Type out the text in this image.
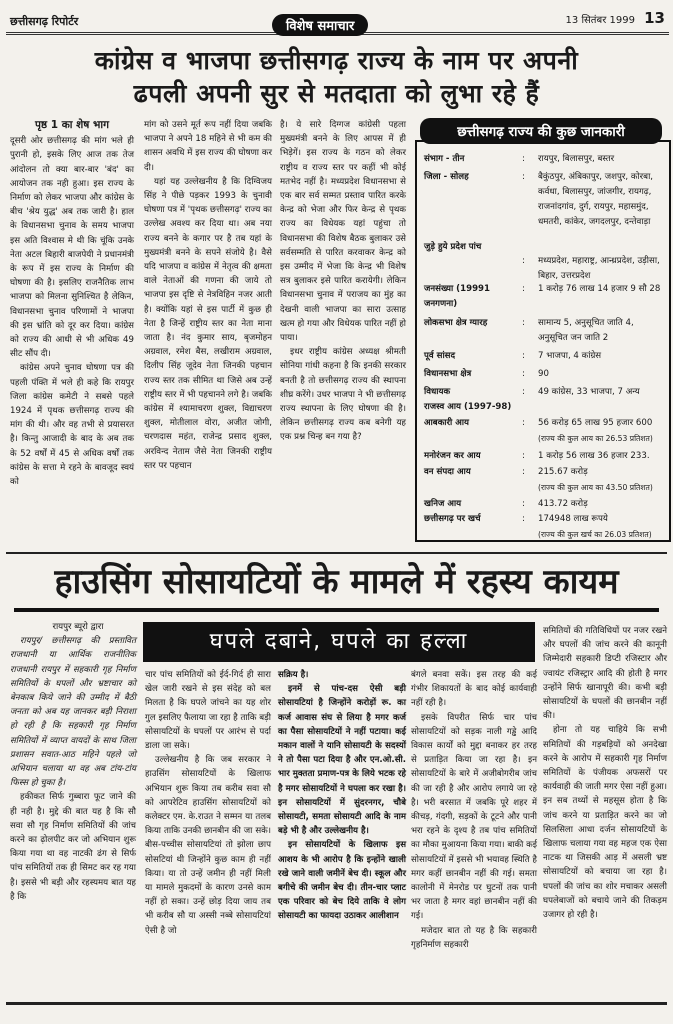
छत्तीसगढ़ रिपोर्टर	13 सितंबर 1999 13
विशेष समाचार
कांग्रेस व भाजपा छत्तीसगढ़ राज्य के नाम पर अपनी
ढपली अपनी सुर से मतदाता को लुभा रहे हैं

पृष्ठ 1 का शेष भाग

दूसरी ओर छत्तीसगढ़ की मांग भले ही पुरानी हो, इसके लिए आज तक तेज आंदोलन तो क्या बार-बार 'बंद' का आयोजन तक नही हुआ। इस राज्य के निर्माण को लेकर भाजपा और कांग्रेस के बीच 'श्रेय युद्ध' अब तक जारी है। हाल के विधानसभा चुनाव के समय भाजपा इस अति विश्वास मे थी कि चूंकि उनके नेता अटल बिहारी बाजपेयी ने प्रधानमंत्री के रूप में इस राज्य के निर्माण की घोषणा की है। इसलिए राजनैतिक लाभ भाजपा को मिलना सुनिश्चित है लेकिन, विधानसभा चुनाव परिणामों ने भाजपा की इस भ्रांति को दूर कर दिया। कांग्रेस को राज्य की आधी से भी अधिक 49 सीट सौंप दी।

कांग्रेस अपने चुनाव घोषणा पत्र की पहली पंक्ति में भले ही कहे कि रायपुर जिला कांग्रेस कमेटी ने सबसे पहले 1924 में पृथक छत्तीसगढ़ राज्य की मांग की थी। और वह तभी से प्रयासरत है। किन्तु आजादी के बाद के अब तक के 52 वर्षों में 45 से अधिक वर्षों तक कांग्रेस के सत्ता मे रहने के बावजूद स्वयं को

मांग को उसने मूर्त रूप नहीं दिया जबकि भाजपा ने अपने 18 महिने से भी कम की शासन अवधि में इस राज्य की घोषणा कर दी।

यहां यह उल्लेखनीय है कि दिग्विजय सिंह ने पीछे पड़कर 1993 के चुनावी घोषणा पत्र में 'पृथक छत्तीसगढ़' राज्य का उल्लेख अवश्य कर दिया था। अब नया राज्य बनने के कगार पर है तब यहां के मुख्यमंत्री बनने के सपने संजोये है। वैसे यदि भाजपा व कांग्रेस में नेतृत्व की क्षमता वाले नेताओं की गणना की जाये तो भाजपा इस दृष्टि से नेत्रविहिन नजर आती है। क्योंकि यहां से इस पार्टी में कुछ ही नेता है जिन्हें राष्ट्रीय स्तर का नेता माना जाता है। नंद कुमार साय, बृजमोहन अग्रवाल, रमेश बैस, लखीराम अग्रवाल, दिलीप सिंह जूदेव नेता जिनकी पहचान राज्य स्तर तक सीमित था जिसे अब उन्हें राष्ट्रीय स्तर में भी पहचानने लगे है। जबकि कांग्रेस में श्यामाचरण शुक्ल, विद्याचरण शुक्ल, मोतीलाल वोरा, अजीत जोगी, चरणदास महंत, राजेन्द्र प्रसाद शुक्ल, अरविन्द नेताम जैसे नेता जिनकी राष्ट्रीय स्तर पर पहचान

है। ये सारे दिग्गज कांग्रेसी पहला मुख्यमंत्री बनने के लिए आपस में ही भिड़ेगें। इस राज्य के गठन को लेकर राष्ट्रीय व राज्य स्तर पर कहीं भी कोई मतभेद नहीं है। मध्यप्रदेश विधानसभा से एक बार सर्व सम्मत प्रस्ताव पारित करके केन्द्र को भेजा और फिर केन्द्र से पृथक राज्य का विधेयक यहां पहुंचा तो विधानसभा की विशेष बैठक बुलाकर उसे सर्वसम्मति से पारित करवाकर केन्द्र को इस उम्मीद में भेजा कि केन्द्र भी विशेष सत्र बुलाकर इसे पारित करायेगी। लेकिन विधानसभा चुनाव में पराजय का मुंह का देखनी वाली भाजपा का सारा उत्साह खत्म हो गया और विधेयक पारित नहीं हो पाया।

इधर राष्ट्रीय कांग्रेस अध्यक्ष श्रीमती सोनिया गांधी कहना है कि इनकी सरकार बनती है तो छत्तीसगढ़ राज्य की स्थापना शीघ्र करेंगे। उधर भाजपा ने भी छत्तीसगढ़ राज्य स्थापना के लिए घोषणा की है। लेकिन छत्तीसगढ़ राज्य कब बनेगी यह एक प्रश्न चिन्ह बन गया है?

छत्तीसगढ़ राज्य की कुछ जानकारी
संभाग - तीन	:	रायपुर, बिलासपुर, बस्तर
जिला - सोलह	:	बैकुंठपुर, अंबिकापुर, जशपुर, कोरबा, कर्वधा, बिलासपुर, जांजगीर, रायगढ़, राजनांदगांव, दुर्ग, रायपुर, महासमुंद, धमतरी, कांकेर, जगदलपुर, दन्तेवाड़ा
जुड़े हुये प्रदेश पांच
:	मध्यप्रदेश, महाराष्ट्र, आन्ध्रप्रदेश, उड़ीसा, बिहार, उत्तरप्रदेश
जनसंख्या (19991 जनगणना)
:	1 करोड़ 76 लाख 14 हजार 9 सौ 28
लोकसभा क्षेत्र ग्यारह	:	सामान्य 5, अनुसूचित जाति 4, अनुसूचित जन जाति 2
पूर्व सांसद	:	7 भाजपा, 4 कांग्रेस
विधानसभा क्षेत्र	:	90
विधायक	:	49 कांग्रेस, 33 भाजपा, 7 अन्य
राजस्व आय (1997-98)
आबकारी आय	:	56 करोड़ 65 लाख 95 हजार 600
(राज्य की कुल आय का 26.53 प्रतिशत)
मनोरंजन कर आय	:	1 करोड़ 56 लाख 36 हजार 233.
वन संपदा आय	:	215.67 करोड़
(राज्य की कुल आय का 43.50 प्रतिशत)
खनिज आय	:	413.72 करोड़
छत्तीसगढ़ पर खर्च	:	174948 लाख रूपये
(राज्य की कुल खर्च का 26.03 प्रतिशत)
हाउसिंग सोसायटियों के मामले में रहस्य कायम
घपले दबाने, घपले का हल्ला

रायपुर ब्यूरो द्वारा

रायपुर/ छत्तीसगढ़ की प्रस्तावित राजधानी या आर्थिक राजनीतिक राजधानी रायपुर में सहकारी गृह निर्माण समितियों के घपलों और भ्रष्टाचार को बेनकाब किये जाने की उम्मीद में बैठी जनता को अब यह जानकर बड़ी निराशा हो रही है कि सहकारी गृह निर्माण समितियों में व्याप्त वायदों के साथ जिला प्रशासन सवात-आठ महिने पहले जो अभियान चलाया था वह अब टांय-टांय फिस्स हो चुका है।

हकीकत सिर्फ गुब्बारा फूट जाने की ही नही है। मुद्दे की बात यह है कि सौ सवा सौ गृह निर्माण समितियों की जांच करने का ढ़ोलपीट कर जो अभियान शुरू किया गया था वह नाटकी ढंग से सिर्फ पांच समितियों तक ही सिमट कर रह गया है। इससे भी बड़ी और रहस्यमय बात यह है कि

चार पांच समितियों को ईर्द-गिर्द ही सारा खेल जारी रखने से इस संदेह को बल मिलता है कि घपले जांचने का यह शोर गुल इसलिए फैलाया जा रहा है ताकि बड़ी सोसायटियों के घपलों पर आरंभ से पर्दा डाला जा सके।

उल्लेखनीय है कि जब सरकार ने हाउसिंग सोसायटियों के खिलाफ अभियान शुरू किया तब करीब सवा सौ को आपरेटिव हाउसिंग सोसायटियों को कलेक्टर एम. के.राउत ने सम्मन या तलब किया ताकि उनकी छानबीन की जा सके। बीस-पच्चीस सोसायटियां तो झोला छाप सोसटियां थी जिन्होंने कुछ काम ही नहीं किया। या तो उन्हें जमीन ही नहीं मिली या मामले मुकदमों के कारण उनसे काम नहीं हो सका। उन्हें छोड़ दिया जाय तब भी करीब सौ या अस्सी नब्बे सोसायटियां ऐसी है जो

सक्रिय है।

इनमें से पांच-दस ऐसी बड़ी सोसायटियां है जिन्होंने करोड़ों रू. का कर्ज आवास संघ से लिया है मगर कर्ज का पैसा सोसायटियों ने नहीं पटाया। कई मकान वालों ने यानि सोसायटी के सदस्यों ने तो पैसा पटा दिया है और एन.ओ.सी. भार मुक्तता प्रमाण-पत्र के लिये भटक रहे है मगर सोसायटियों ने घपला कर रखा है। इन सोसायटियों में सुंदरनगर, चौबे सोसायटी, समता सोसायटी आदि के नाम बड़े भी है और उल्लेखनीय है।

इन सोसायटियों के खिलाफ इस आशय के भी आरोप है कि इन्होंने खाली रखे जाने वाली जमीनें बेच दी। स्कूल और बगीचे की जमीन बेच दी। तीन-चार प्लाट एक परिवार को बेच दिये ताकि वे लोग सोसायटी का फायदा उठाकर आलीशान

बंगले बनवा सकें। इस तरह की कई गंभीर शिकायतों के बाद कोई कार्यवाही नहीं रही है।

इसके विपरीत सिर्फ चार पांच सोसायटियों को सड़क नाली गड्ढे आदि विकास कार्यों को मुद्दा बनाकर हर तरह से प्रताड़ित किया जा रहा है। इन सोसायटियों के बारे में अजीबोगरीब जांच की जा रही है और आरोप लगाये जा रहे है। भरी बरसात में जबकि पूरे शहर में कीचड़, गंदगी, सड़कों के टूटने और पानी भरा रहने के दृश्य है तब पांच समितियों का मौका मुआयना किया गया। बाकी कई सोसायटियों में इससे भी भयावह स्थिति है मगर कहीं छानबीन नहीं की गई। समता कालोनी में मेनरोड पर घुटनों तक पानी भर जाता है मगर वहां छानबीन नहीं की गई।

मजेदार बात तो यह है कि सहकारी गृहनिर्माण सहकारी

समितियों की गतिविधियों पर नजर रखने और घपलों की जांच करने की कानूनी जिम्मेदारी सहकारी डिप्टी रजिस्टार और ज्वायंट रजिस्ट्रार आदि की होती है मगर उन्होंने सिर्फ खानापूरी की। कभी बड़ी सोसायटियों के घपलों की छानबीन नहीं की।

होना तो यह चाहिये कि सभी समितियों की गड़बड़ियों को अनदेखा करने के आरोप में सहकारी गृह निर्माण समितियों के पंजीयक अफसरों पर कार्यवाही की जाती मगर ऐसा नहीं हुआ। इन सब तथ्यों से महसूस होता है कि जांच करने या प्रताड़ित करने का जो सिलसिला आधा दर्जन सोसायटियों के खिलाफ चलाया गया वह महज एक ऐसा नाटक था जिसकी आड़ में असली भ्रष्ट सोसायटियों को बचाया जा रहा है। घपलों की जांच का शोर मचाकर असली घपलेबाजों को बचाये जाने की तिकड़म उजागर हो रही है।
